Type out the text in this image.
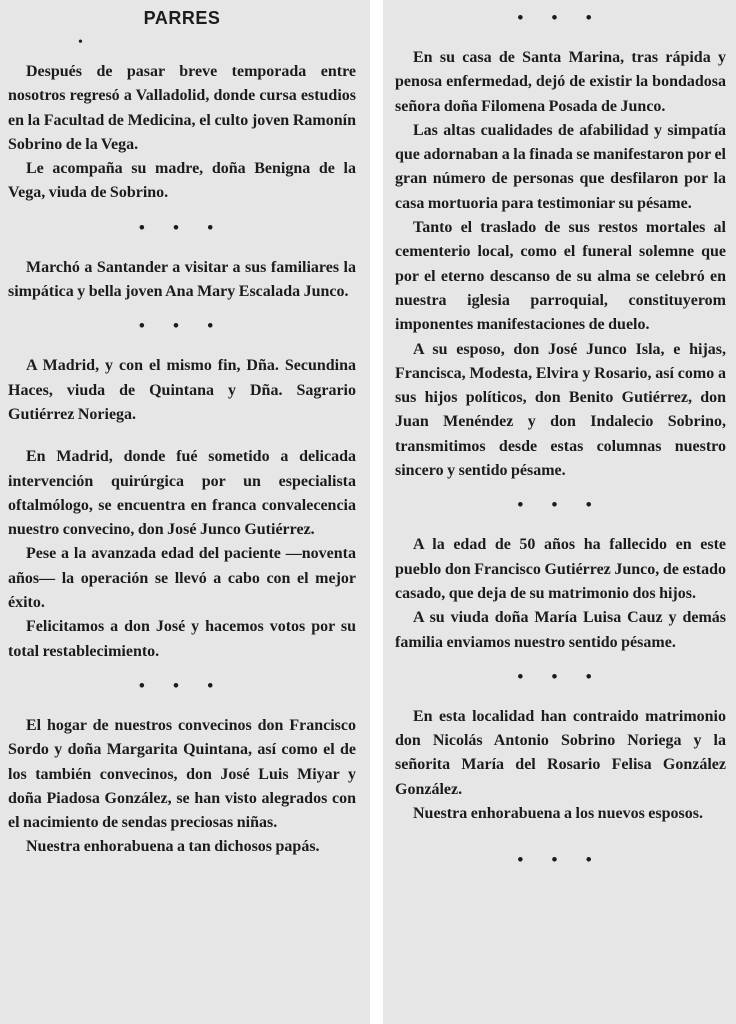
PARRES
•

Después de pasar breve temporada entre nosotros regresó a Valladolid, donde cursa estudios en la Facultad de Medicina, el culto joven Ramonín Sobrino de la Vega.

Le acompaña su madre, doña Benigna de la Vega, viuda de Sobrino.

• • •

Marchó a Santander a visitar a sus familiares la simpática y bella joven Ana Mary Escalada Junco.

• • •

A Madrid, y con el mismo fin, Dña. Secundina Haces, viuda de Quintana y Dña. Sagrario Gutiérrez Noriega.

En Madrid, donde fué sometido a delicada intervención quirúrgica por un especialista oftalmólogo, se encuentra en franca convalecencia nuestro convecino, don José Junco Gutiérrez.

Pese a la avanzada edad del paciente —noventa años— la operación se llevó a cabo con el mejor éxito.

Felicitamos a don José y hacemos votos por su total restablecimiento.

• • •

El hogar de nuestros convecinos don Francisco Sordo y doña Margarita Quintana, así como el de los también convecinos, don José Luis Miyar y doña Piadosa González, se han visto alegrados con el nacimiento de sendas preciosas niñas.

Nuestra enhorabuena a tan dichosos papás.

• • •

En su casa de Santa Marina, tras rápida y penosa enfermedad, dejó de existir la bondadosa señora doña Filomena Posada de Junco.

Las altas cualidades de afabilidad y simpatía que adornaban a la finada se manifestaron por el gran número de personas que desfilaron por la casa mortuoria para testimoniar su pésame.

Tanto el traslado de sus restos mortales al cementerio local, como el funeral solemne que por el eterno descanso de su alma se celebró en nuestra iglesia parroquial, constituyerom imponentes manifestaciones de duelo.

A su esposo, don José Junco Isla, e hijas, Francisca, Modesta, Elvira y Rosario, así como a sus hijos políticos, don Benito Gutiérrez, don Juan Menéndez y don Indalecio Sobrino, transmitimos desde estas columnas nuestro sincero y sentido pésame.

• • •

A la edad de 50 años ha fallecido en este pueblo don Francisco Gutiérrez Junco, de estado casado, que deja de su matrimonio dos hijos.

A su viuda doña María Luisa Cauz y demás familia enviamos nuestro sentido pésame.

• • •

En esta localidad han contraido matrimonio don Nicolás Antonio Sobrino Noriega y la señorita María del Rosario Felisa González González.

Nuestra enhorabuena a los nuevos esposos.

• • •
